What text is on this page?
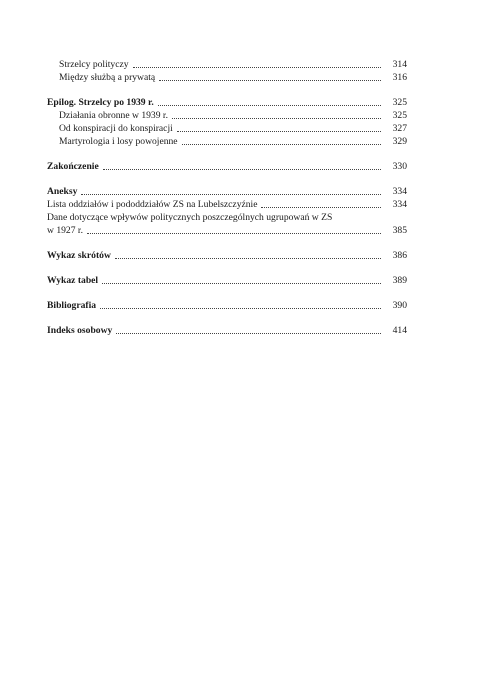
Strzelcy polityczy	314
Między służbą a prywatą	316
Epilog. Strzelcy po 1939 r.	325
Działania obronne w 1939 r.	325
Od konspiracji do konspiracji	327
Martyrologia i losy powojenne	329
Zakończenie	330
Aneksy	334
Lista oddziałów i pododdziałów ZS na Lubelszczyźnie	334
Dane dotyczące wpływów politycznych poszczególnych ugrupowań w ZS
w 1927 r.	385
Wykaz skrótów	386
Wykaz tabel	389
Bibliografia	390
Indeks osobowy	414
